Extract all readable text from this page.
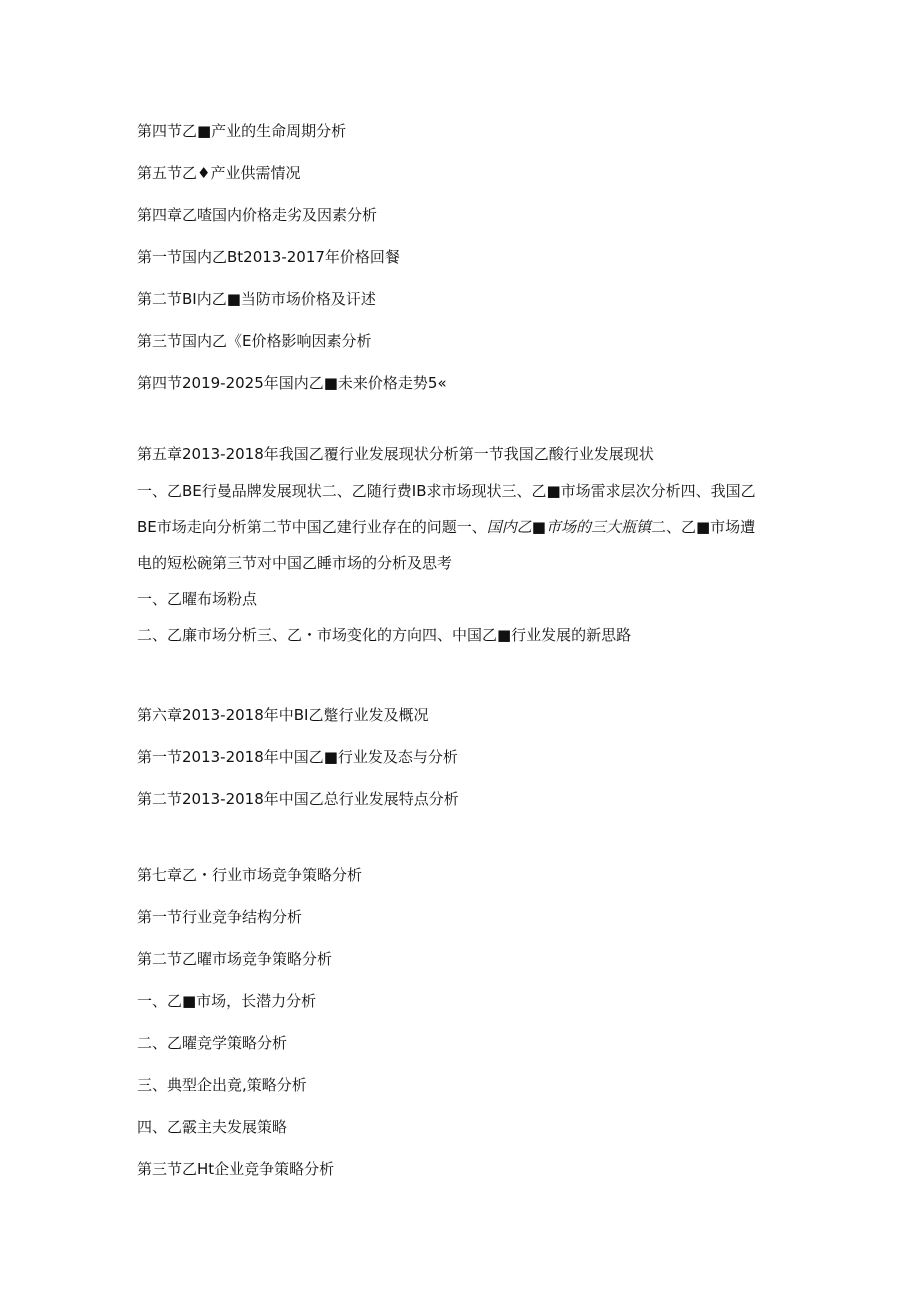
第四节乙■产业的生命周期分析
第五节乙♦产业供需情况
第四章乙喳国内价格走劣及因素分析
第一节国内乙Bt2013-2017年价格回餐
第二节BI内乙■当防市场价格及讦述
第三节国内乙《E价格影响因素分析
第四节2019-2025年国内乙■未来价格走势5«
第五章2013-2018年我国乙覆行业发展现状分析第一节我国乙酸行业发展现状
一、乙BE行曼品牌发展现状二、乙随行费IB求市场现状三、乙■市场雷求层次分析四、我国乙
BE市场走向分析第二节中国乙建行业存在的问题一、国内乙■市场的三大瓶镇二、乙■市场遭
电的短松碗第三节对中国乙睡市场的分析及思考
一、乙曜布场粉点
二、乙廉市场分析三、乙・市场变化的方向四、中国乙■行业发展的新思路
第六章2013-2018年中BI乙蹩行业发及概况
第一节2013-2018年中国乙■行业发及态与分析
第二节2013-2018年中国乙总行业发展特点分析
第七章乙・行业市场竞争策略分析
第一节行业竞争结构分析
第二节乙曜市场竞争策略分析
一、乙■市场，长潜力分析
二、乙曜竞学策略分析
三、典型企出竟,策略分析
四、乙霰主夫发展策略
第三节乙Ht企业竞争策略分析
